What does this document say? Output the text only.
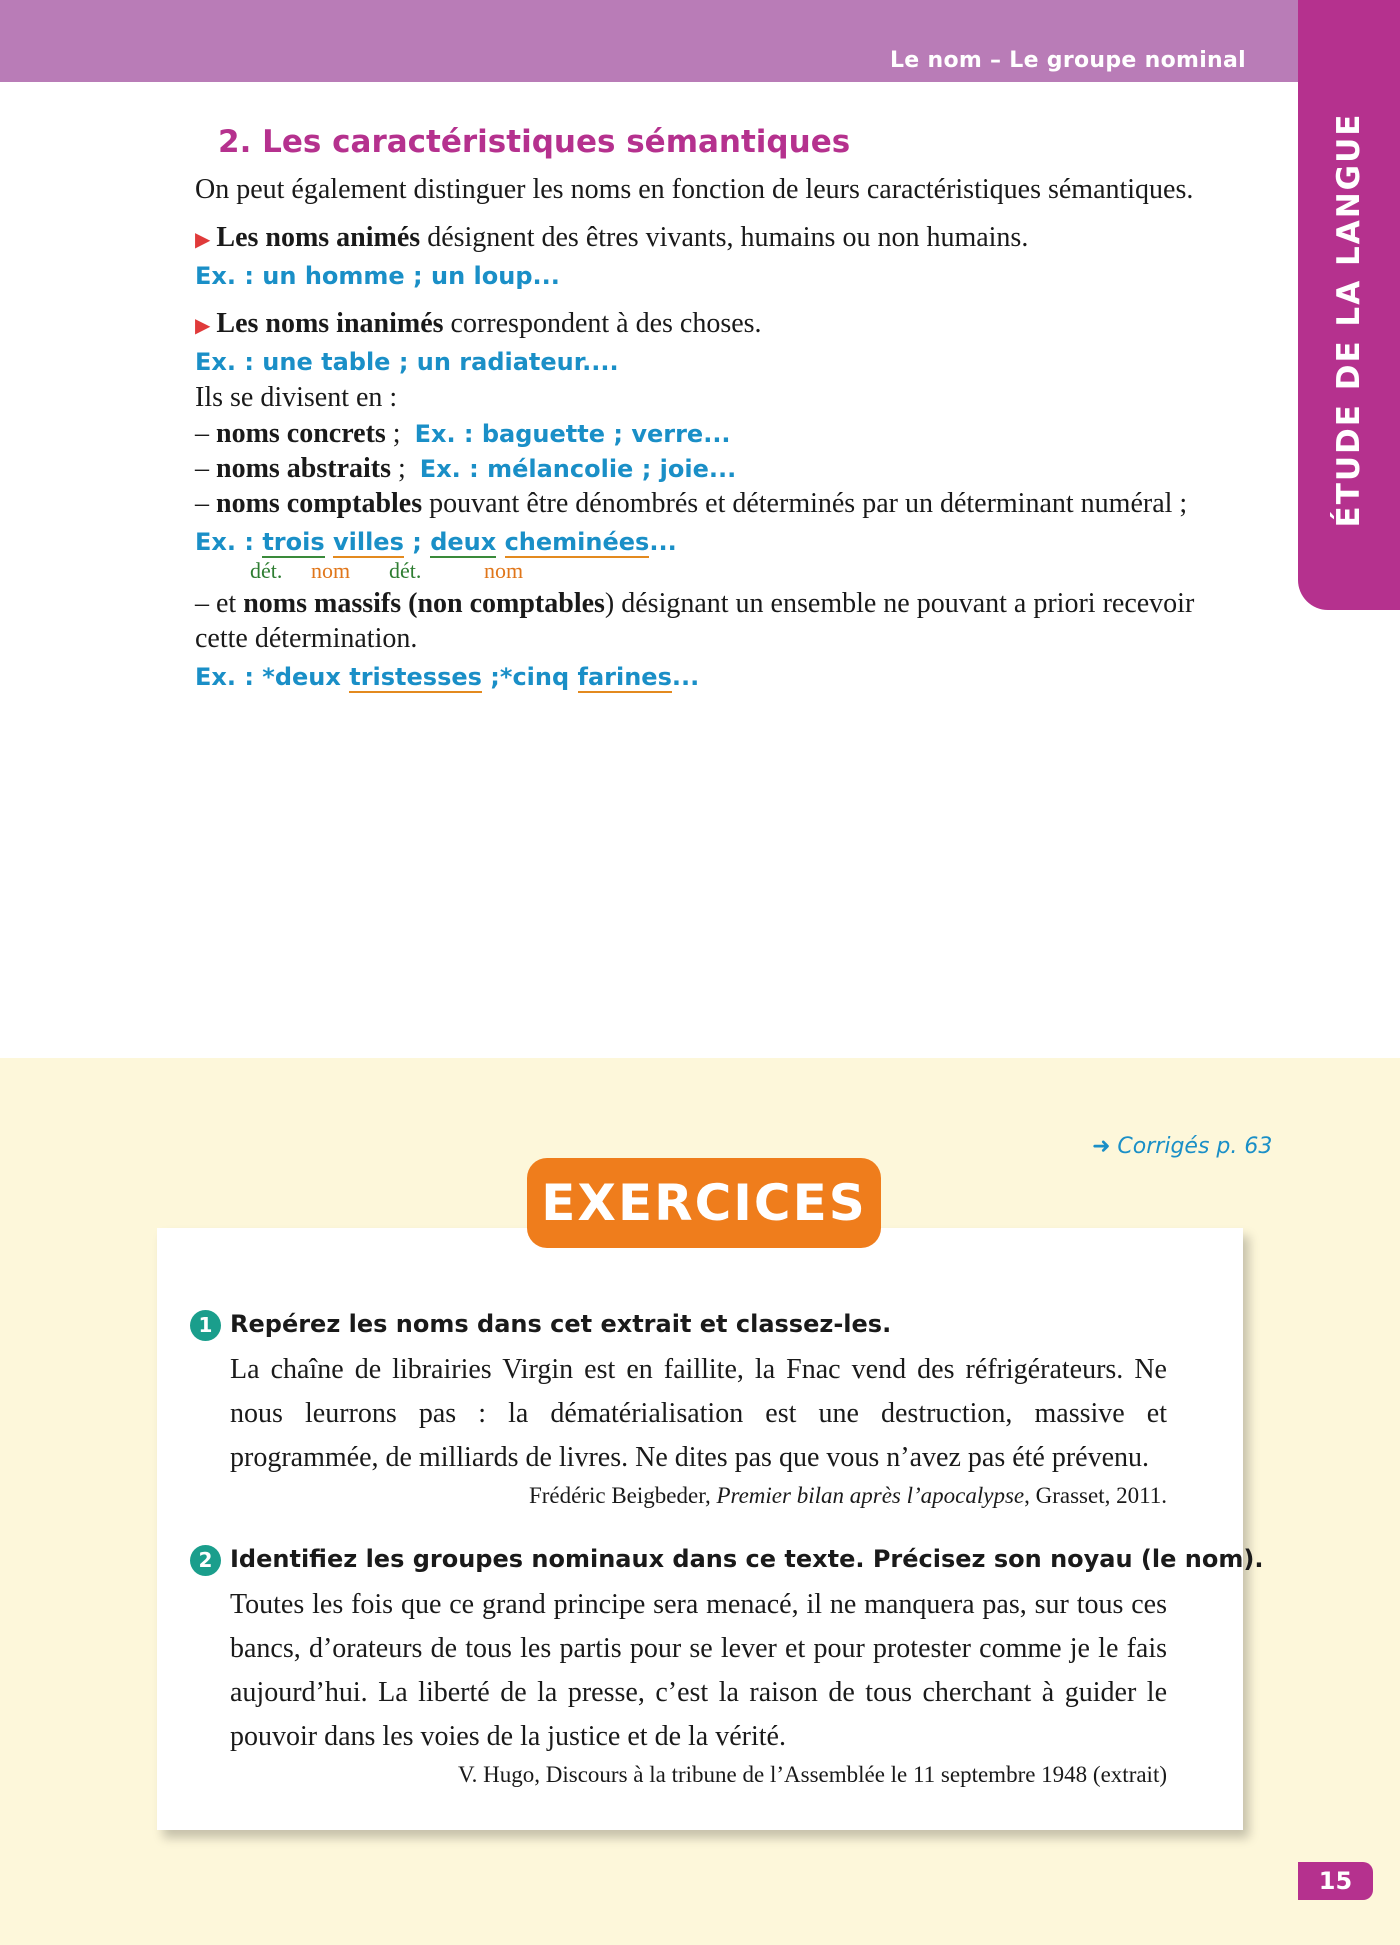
Le nom – Le groupe nominal
ÉTUDE DE LA LANGUE
2. Les caractéristiques sémantiques
On peut également distinguer les noms en fonction de leurs caractéristiques sémantiques.
▶ Les noms animés désignent des êtres vivants, humains ou non humains.
Ex. : un homme ; un loup...
▶ Les noms inanimés correspondent à des choses.
Ex. : une table ; un radiateur....
Ils se divisent en :
– noms concrets ; Ex. : baguette ; verre...
– noms abstraits ; Ex. : mélancolie ; joie...
– noms comptables pouvant être dénombrés et déterminés par un déterminant numéral ;
Ex. : trois villes ; deux cheminées...
dét. nom dét.	nom
– et noms massifs (non comptables) désignant un ensemble ne pouvant a priori recevoir
cette détermination.
Ex. : *deux tristesses ;*cinq farines...
➜ Corrigés p. 63
EXERCICES
1 Repérez les noms dans cet extrait et classez-les.
La chaîne de librairies Virgin est en faillite, la Fnac vend des réfrigérateurs. Ne nous leurrons pas : la dématérialisation est une destruction, massive et programmée, de milliards de livres. Ne dites pas que vous n’avez pas été prévenu.
Frédéric Beigbeder, Premier bilan après l’apocalypse, Grasset, 2011.
2 Identifiez les groupes nominaux dans ce texte. Précisez son noyau (le nom).
Toutes les fois que ce grand principe sera menacé, il ne manquera pas, sur tous ces bancs, d’orateurs de tous les partis pour se lever et pour protester comme je le fais aujourd’hui. La liberté de la presse, c’est la raison de tous cherchant à guider le pouvoir dans les voies de la justice et de la vérité.
V. Hugo, Discours à la tribune de l’Assemblée le 11 septembre 1948 (extrait)
15
